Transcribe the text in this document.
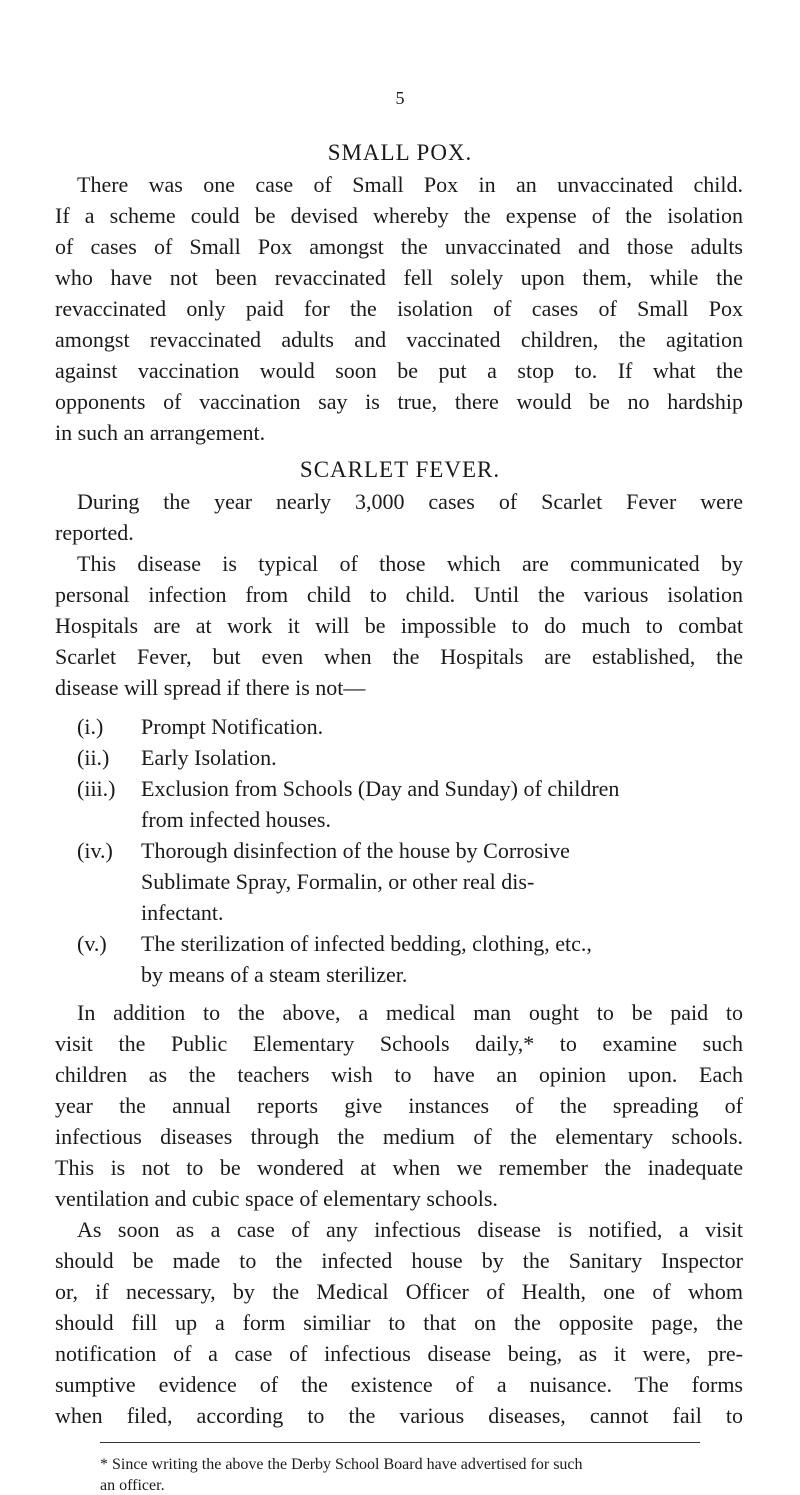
5
SMALL POX.
There was one case of Small Pox in an unvaccinated child.
If a scheme could be devised whereby the expense of the isolation
of cases of Small Pox amongst the unvaccinated and those adults
who have not been revaccinated fell solely upon them, while the
revaccinated only paid for the isolation of cases of Small Pox
amongst revaccinated adults and vaccinated children, the agitation
against vaccination would soon be put a stop to. If what the
opponents of vaccination say is true, there would be no hardship
in such an arrangement.
SCARLET FEVER.
During the year nearly 3,000 cases of Scarlet Fever were
reported.
This disease is typical of those which are communicated by
personal infection from child to child. Until the various isolation
Hospitals are at work it will be impossible to do much to combat
Scarlet Fever, but even when the Hospitals are established, the
disease will spread if there is not—
(i.) Prompt Notification.
(ii.) Early Isolation.
(iii.) Exclusion from Schools (Day and Sunday) of children
from infected houses.
(iv.) Thorough disinfection of the house by Corrosive
Sublimate Spray, Formalin, or other real dis-
infectant.
(v.) The sterilization of infected bedding, clothing, etc.,
by means of a steam sterilizer.
In addition to the above, a medical man ought to be paid to
visit the Public Elementary Schools daily,* to examine such
children as the teachers wish to have an opinion upon. Each
year the annual reports give instances of the spreading of
infectious diseases through the medium of the elementary schools.
This is not to be wondered at when we remember the inadequate
ventilation and cubic space of elementary schools.
As soon as a case of any infectious disease is notified, a visit
should be made to the infected house by the Sanitary Inspector
or, if necessary, by the Medical Officer of Health, one of whom
should fill up a form similiar to that on the opposite page, the
notification of a case of infectious disease being, as it were, pre-
sumptive evidence of the existence of a nuisance. The forms
when filed, according to the various diseases, cannot fail to
* Since writing the above the Derby School Board have advertised for such
an officer.
